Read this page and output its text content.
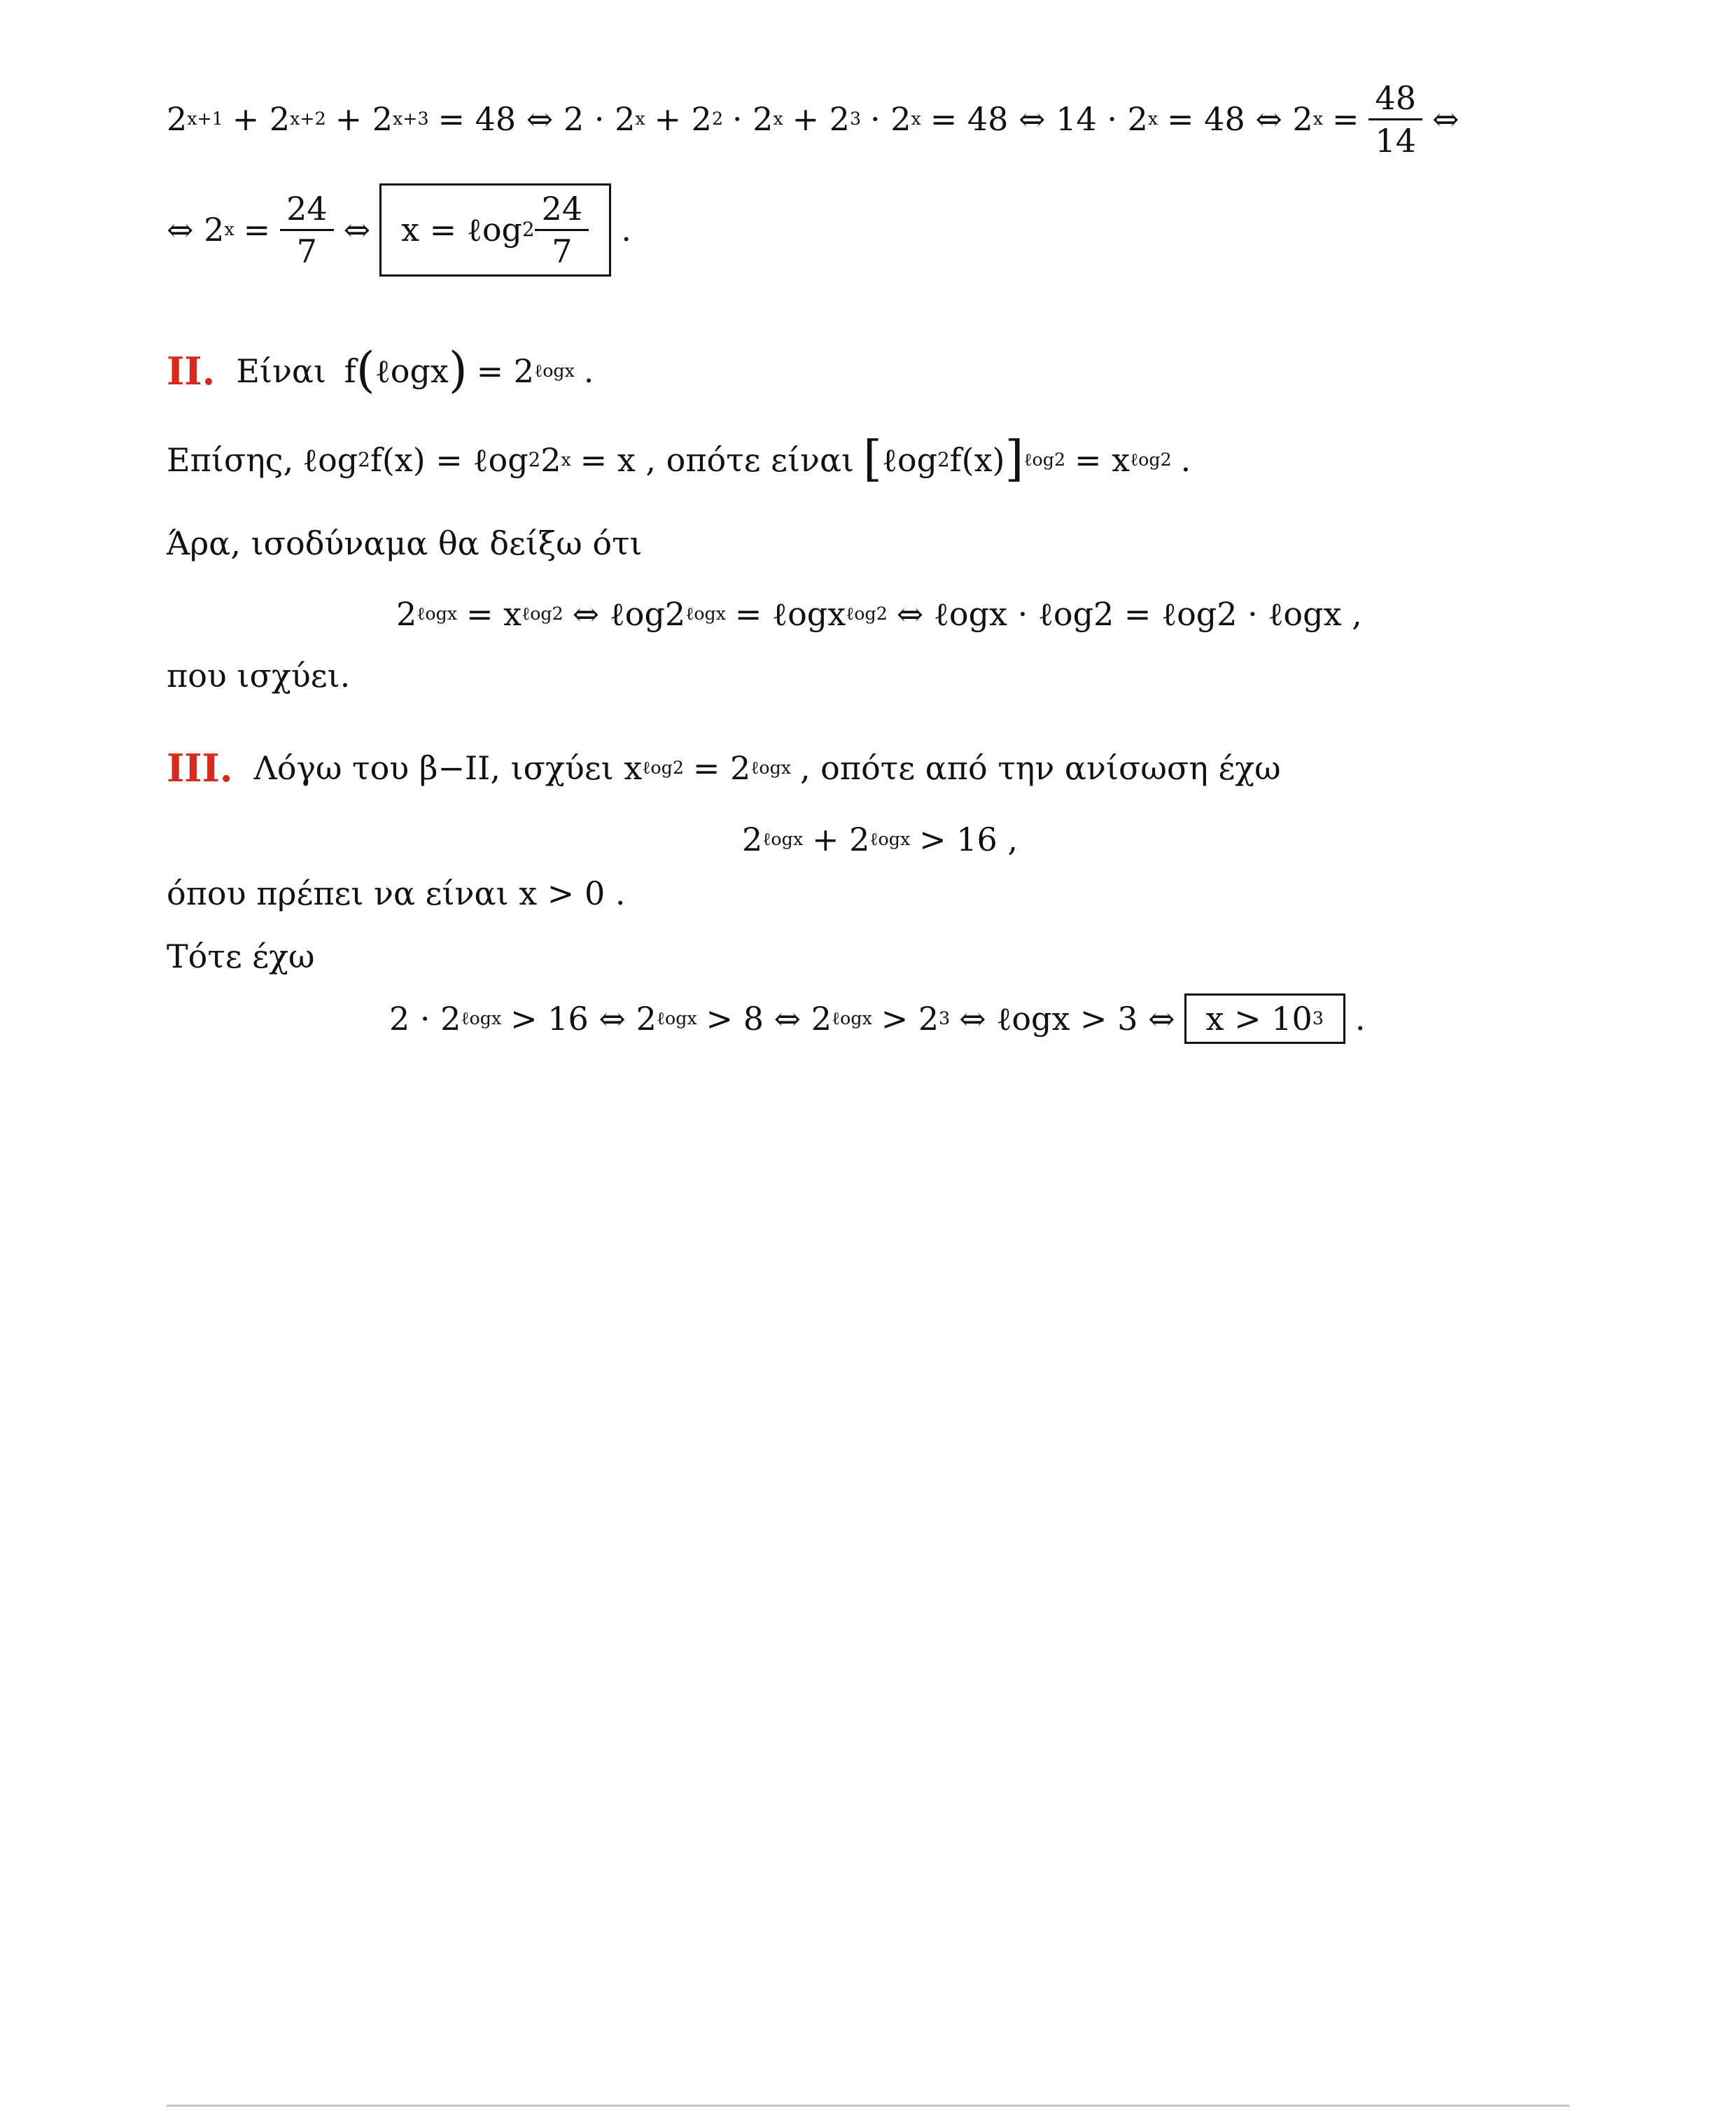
2 x+1 + 2 x+2 + 2 x+3 = 48 ⇔ 2 · 2 x + 2 2 · 2 x + 2 3 · 2 x = 48 ⇔ 14 · 2 x = 48 ⇔ 2 $x = \frac{48}{14}$ ⇔
⇔ 2 $x = \frac{24}{7}$ ⇔ x = ℓog $2 \frac{24}{7}$ .
II. Είναι f ( ℓogx ) = 2 ℓogx .
Επίσης, ℓog 2 f(x) = ℓog 2 2 x = x , οπότε είναι [ ℓog 2 f(x) ] ℓog2 = x ℓog2 .
Άρα, ισοδύναμα θα δείξω ότι
2 ℓogx = x ℓog2 ⇔ ℓog2 ℓogx = ℓogx ℓog2 ⇔ ℓogx · ℓog2 = ℓog2 · ℓogx ,
που ισχύει.
III. Λόγω του β−II, ισχύει x ℓog2 = 2 ℓogx , οπότε από την ανίσωση έχω
2 ℓogx + 2 ℓogx > 16 ,
όπου πρέπει να είναι x > 0 .
Τότε έχω
2 · 2 ℓogx > 16 ⇔ 2 ℓogx > 8 ⇔ 2 ℓogx > 2 3 ⇔ ℓogx > 3 ⇔ x > 10 3 .
